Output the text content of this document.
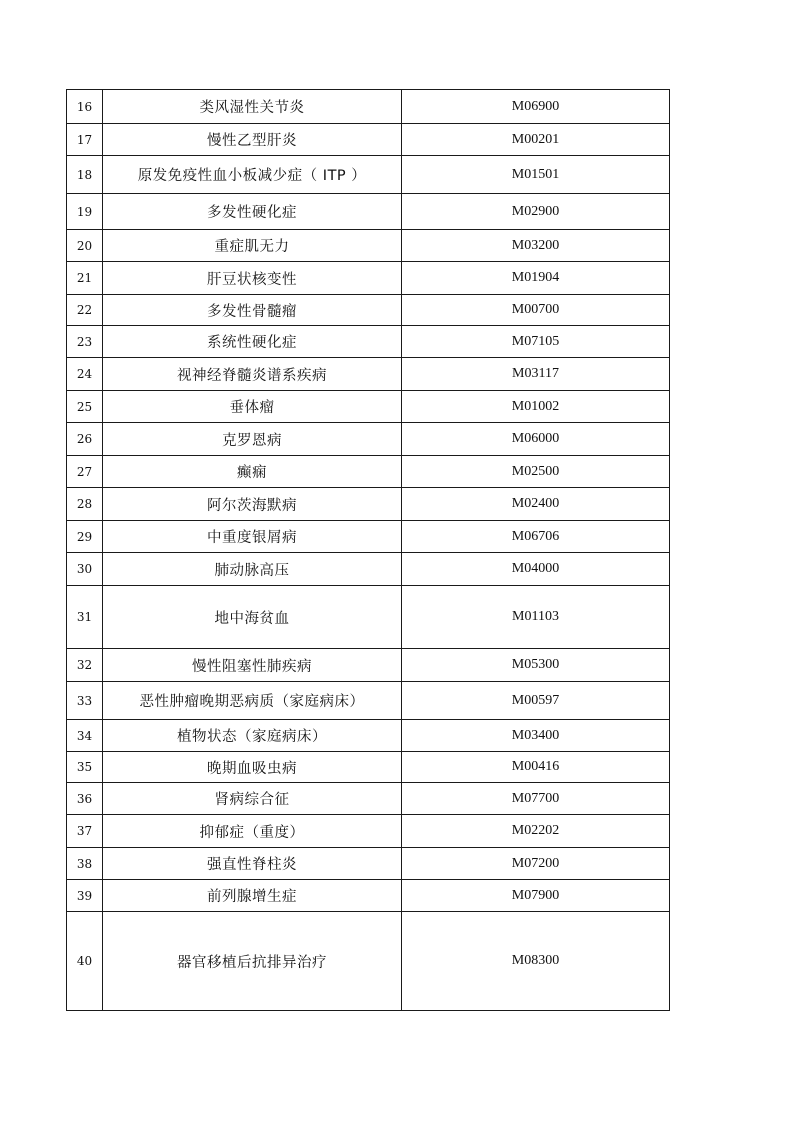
16	类风湿性关节炎	M06900
17	慢性乙型肝炎	M00201
18	原发免疫性血小板减少症（ ITP ）	M01501
19	多发性硬化症	M02900
20	重症肌无力	M03200
21	肝豆状核变性	M01904
22	多发性骨髓瘤	M00700
23	系统性硬化症	M07105
24	视神经脊髓炎谱系疾病	M03117
25	垂体瘤	M01002
26	克罗恩病	M06000
27	癫痫	M02500
28	阿尔茨海默病	M02400
29	中重度银屑病	M06706
30	肺动脉高压	M04000
31	地中海贫血	M01103
32	慢性阻塞性肺疾病	M05300
33	恶性肿瘤晚期恶病质（家庭病床）	M00597
34	植物状态（家庭病床）	M03400
35	晚期血吸虫病	M00416
36	肾病综合征	M07700
37	抑郁症（重度）	M02202
38	强直性脊柱炎	M07200
39	前列腺增生症	M07900
40	器官移植后抗排异治疗	M08300
